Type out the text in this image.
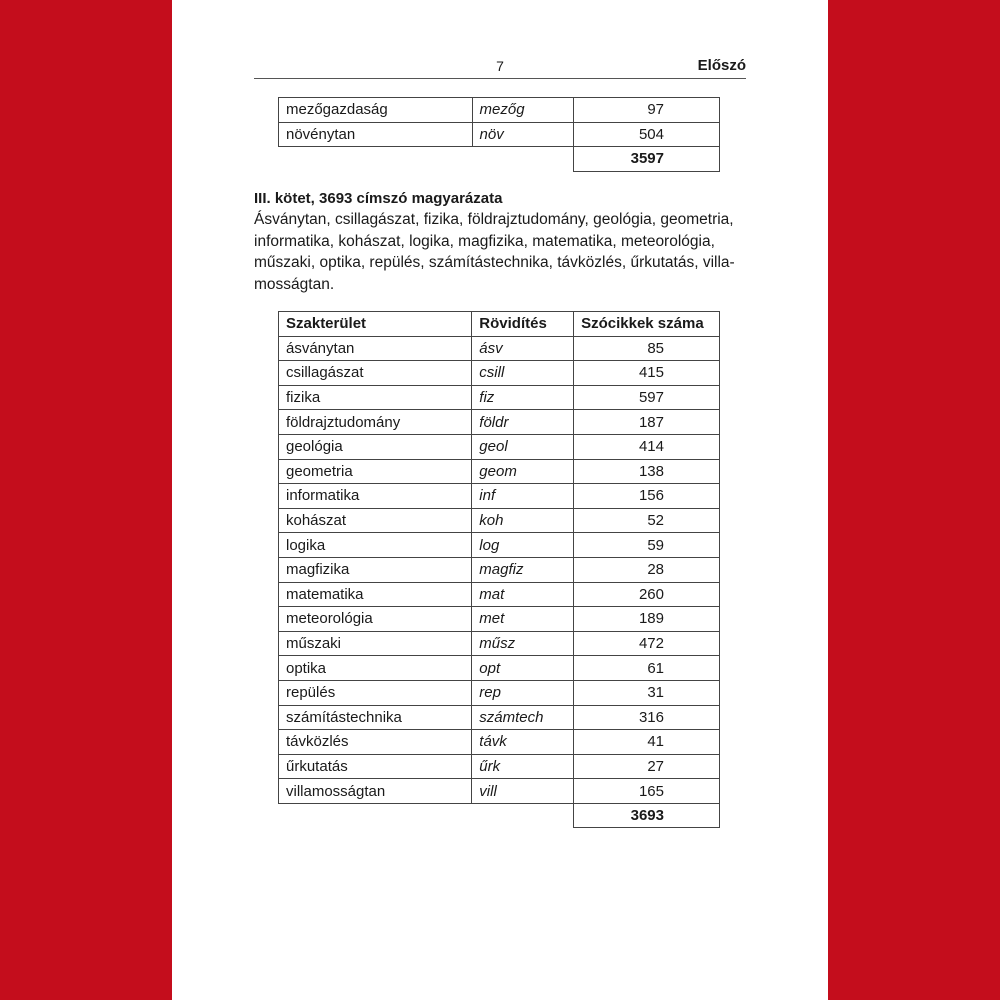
7	Előszó
mezőgazdaság	mezőg	97
növénytan	növ	504
		3597
III. kötet, 3693 címszó magyarázata

Ásványtan, csillagászat, fizika, földrajztudomány, geológia, geometria,
informatika, kohászat, logika, magfizika, matematika, meteorológia,
műszaki, optika, repülés, számítástechnika, távközlés, űrkutatás, villa-
mosságtan.

Szakterület	Rövidítés	Szócikkek száma
ásványtan	ásv	85
csillagászat	csill	415
fizika	fiz	597
földrajztudomány	földr	187
geológia	geol	414
geometria	geom	138
informatika	inf	156
kohászat	koh	52
logika	log	59
magfizika	magfiz	28
matematika	mat	260
meteorológia	met	189
műszaki	műsz	472
optika	opt	61
repülés	rep	31
számítástechnika	számtech	316
távközlés	távk	41
űrkutatás	űrk	27
villamosságtan	vill	165
		3693
